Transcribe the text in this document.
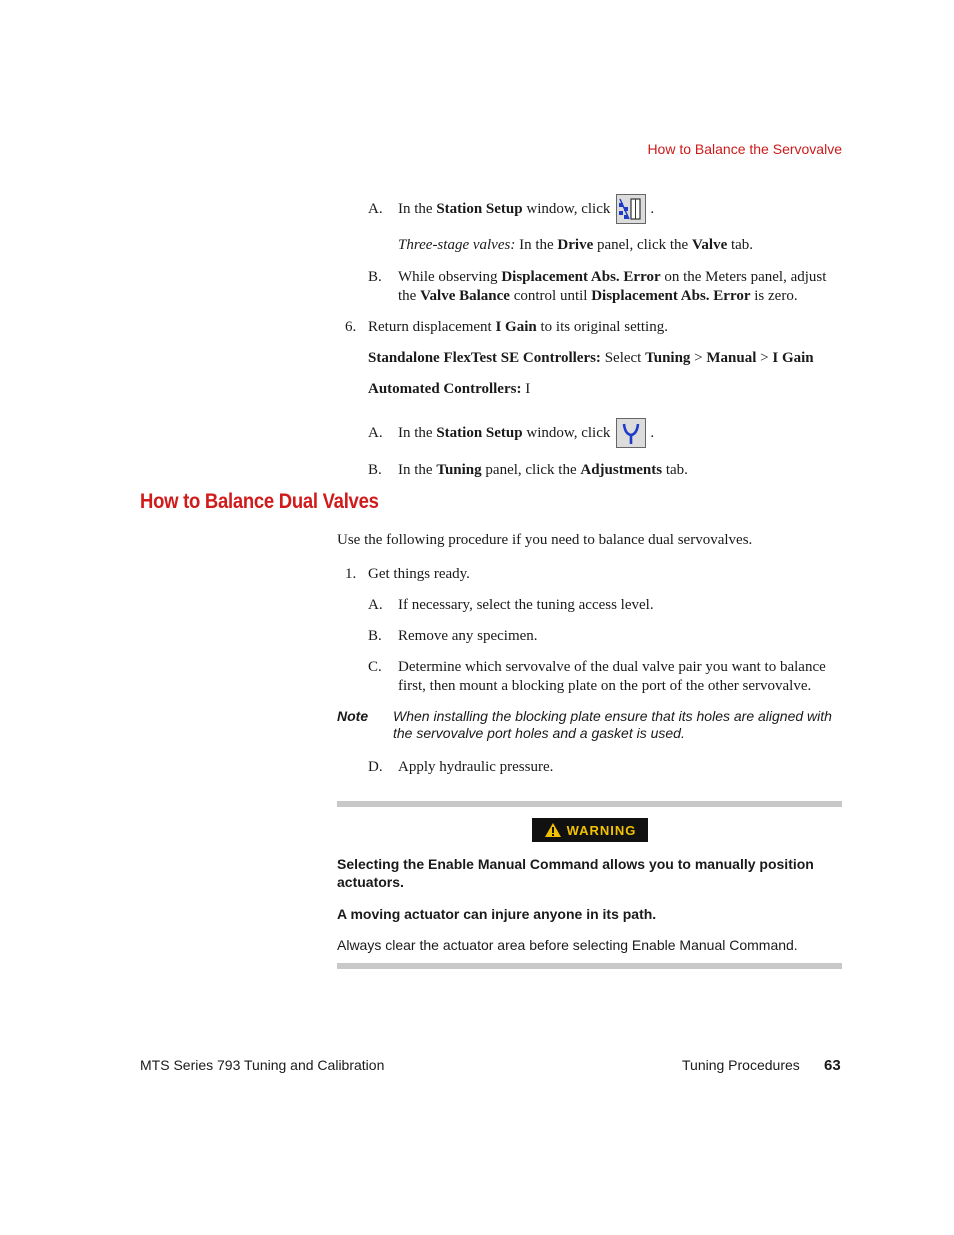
How to Balance the Servovalve
A.	In the
Station Setup
window, click	.
Three-stage valves: In the Drive panel, click the Valve tab.
B.	While observing Displacement Abs. Error on the Meters panel, adjust
the Valve Balance control until Displacement Abs. Error is zero.
6. Return displacement I Gain to its original setting.
Standalone FlexTest SE Controllers: Select Tuning > Manual > I Gain
Automated Controllers: I
A.	In the
Station Setup
window, click	.
B.	In the Tuning panel, click the Adjustments tab.
How to Balance Dual Valves
Use the following procedure if you need to balance dual servovalves.
1. Get things ready.
A.	If necessary, select the tuning access level.
B.	Remove any specimen.
C.	Determine which servovalve of the dual valve pair you want to balance
first, then mount a blocking plate on the port of the other servovalve.
Note When installing the blocking plate ensure that its holes are aligned with
the servovalve port holes and a gasket is used.
D.	Apply hydraulic pressure.
WARNING
Selecting the Enable Manual Command allows you to manually position
actuators.
A moving actuator can injure anyone in its path.
Always clear the actuator area before selecting Enable Manual Command.
MTS Series 793 Tuning and Calibration	Tuning Procedures 63
